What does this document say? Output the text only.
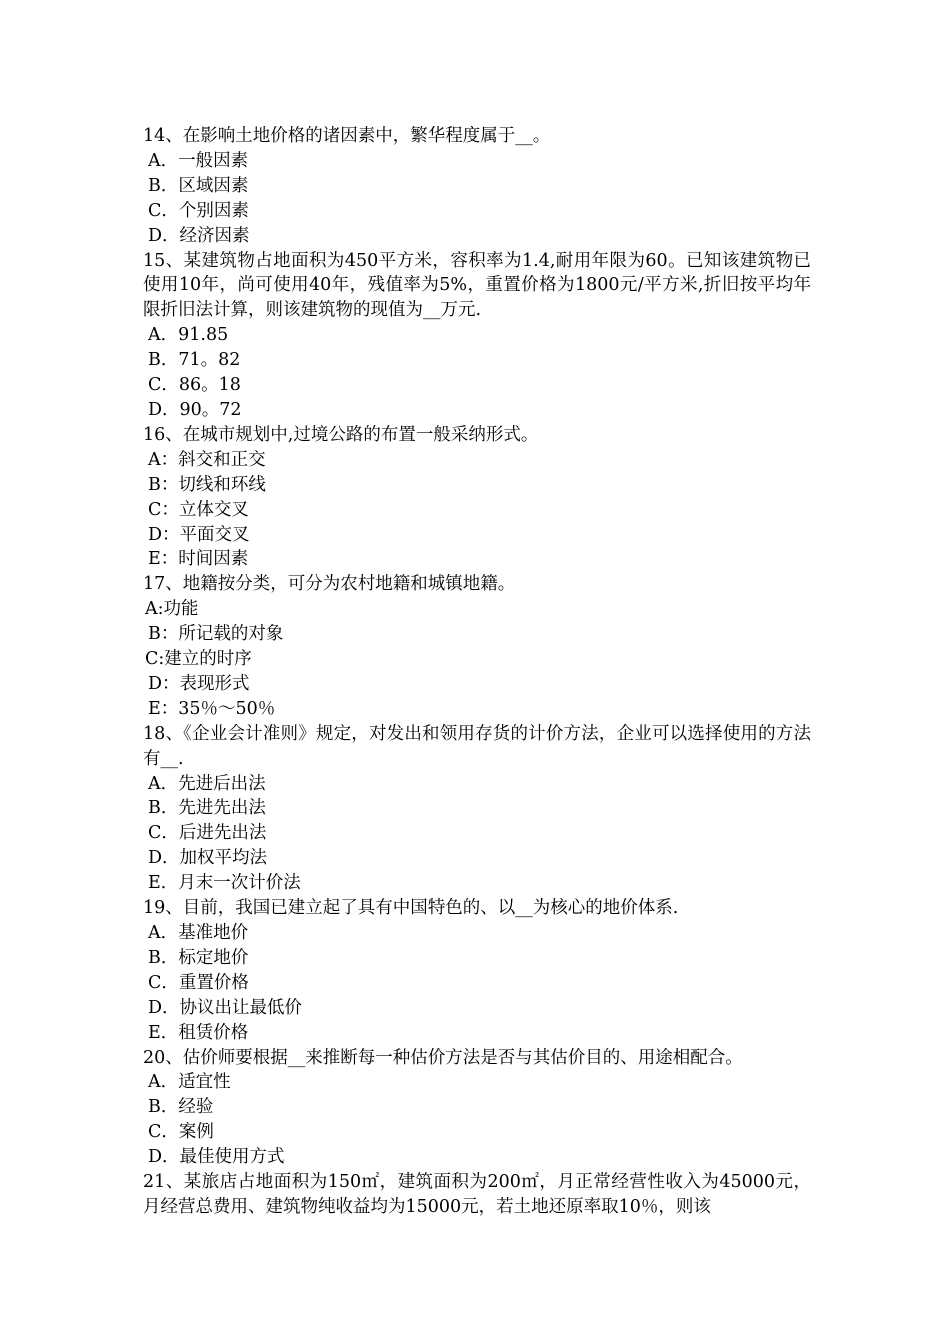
14、在影响土地价格的诸因素中，繁华程度属于__。
A．一般因素
B．区域因素
C．个别因素
D．经济因素
15、某建筑物占地面积为450平方米，容积率为1.4,耐用年限为60。已知该建筑物已使用10年，尚可使用40年，残值率为5%，重置价格为1800元/平方米,折旧按平均年限折旧法计算，则该建筑物的现值为__万元.
A．91.85
B．71。82
C．86。18
D．90。72
16、在城市规划中,过境公路的布置一般采纳形式。
A：斜交和正交
B：切线和环线
C：立体交叉
D：平面交叉
E：时间因素
17、地籍按分类，可分为农村地籍和城镇地籍。
A:功能
B：所记载的对象
C:建立的时序
D：表现形式
E：35％～50％
18、《企业会计准则》规定，对发出和领用存货的计价方法，企业可以选择使用的方法有__.
A．先进后出法
B．先进先出法
C．后进先出法
D．加权平均法
E．月末一次计价法
19、目前，我国已建立起了具有中国特色的、以__为核心的地价体系.
A．基准地价
B．标定地价
C．重置价格
D．协议出让最低价
E．租赁价格
20、估价师要根据__来推断每一种估价方法是否与其估价目的、用途相配合。
A．适宜性
B．经验
C．案例
D．最佳使用方式
21、某旅店占地面积为150㎡，建筑面积为200㎡，月正常经营性收入为45000元，月经营总费用、建筑物纯收益均为15000元，若土地还原率取10％，则该
